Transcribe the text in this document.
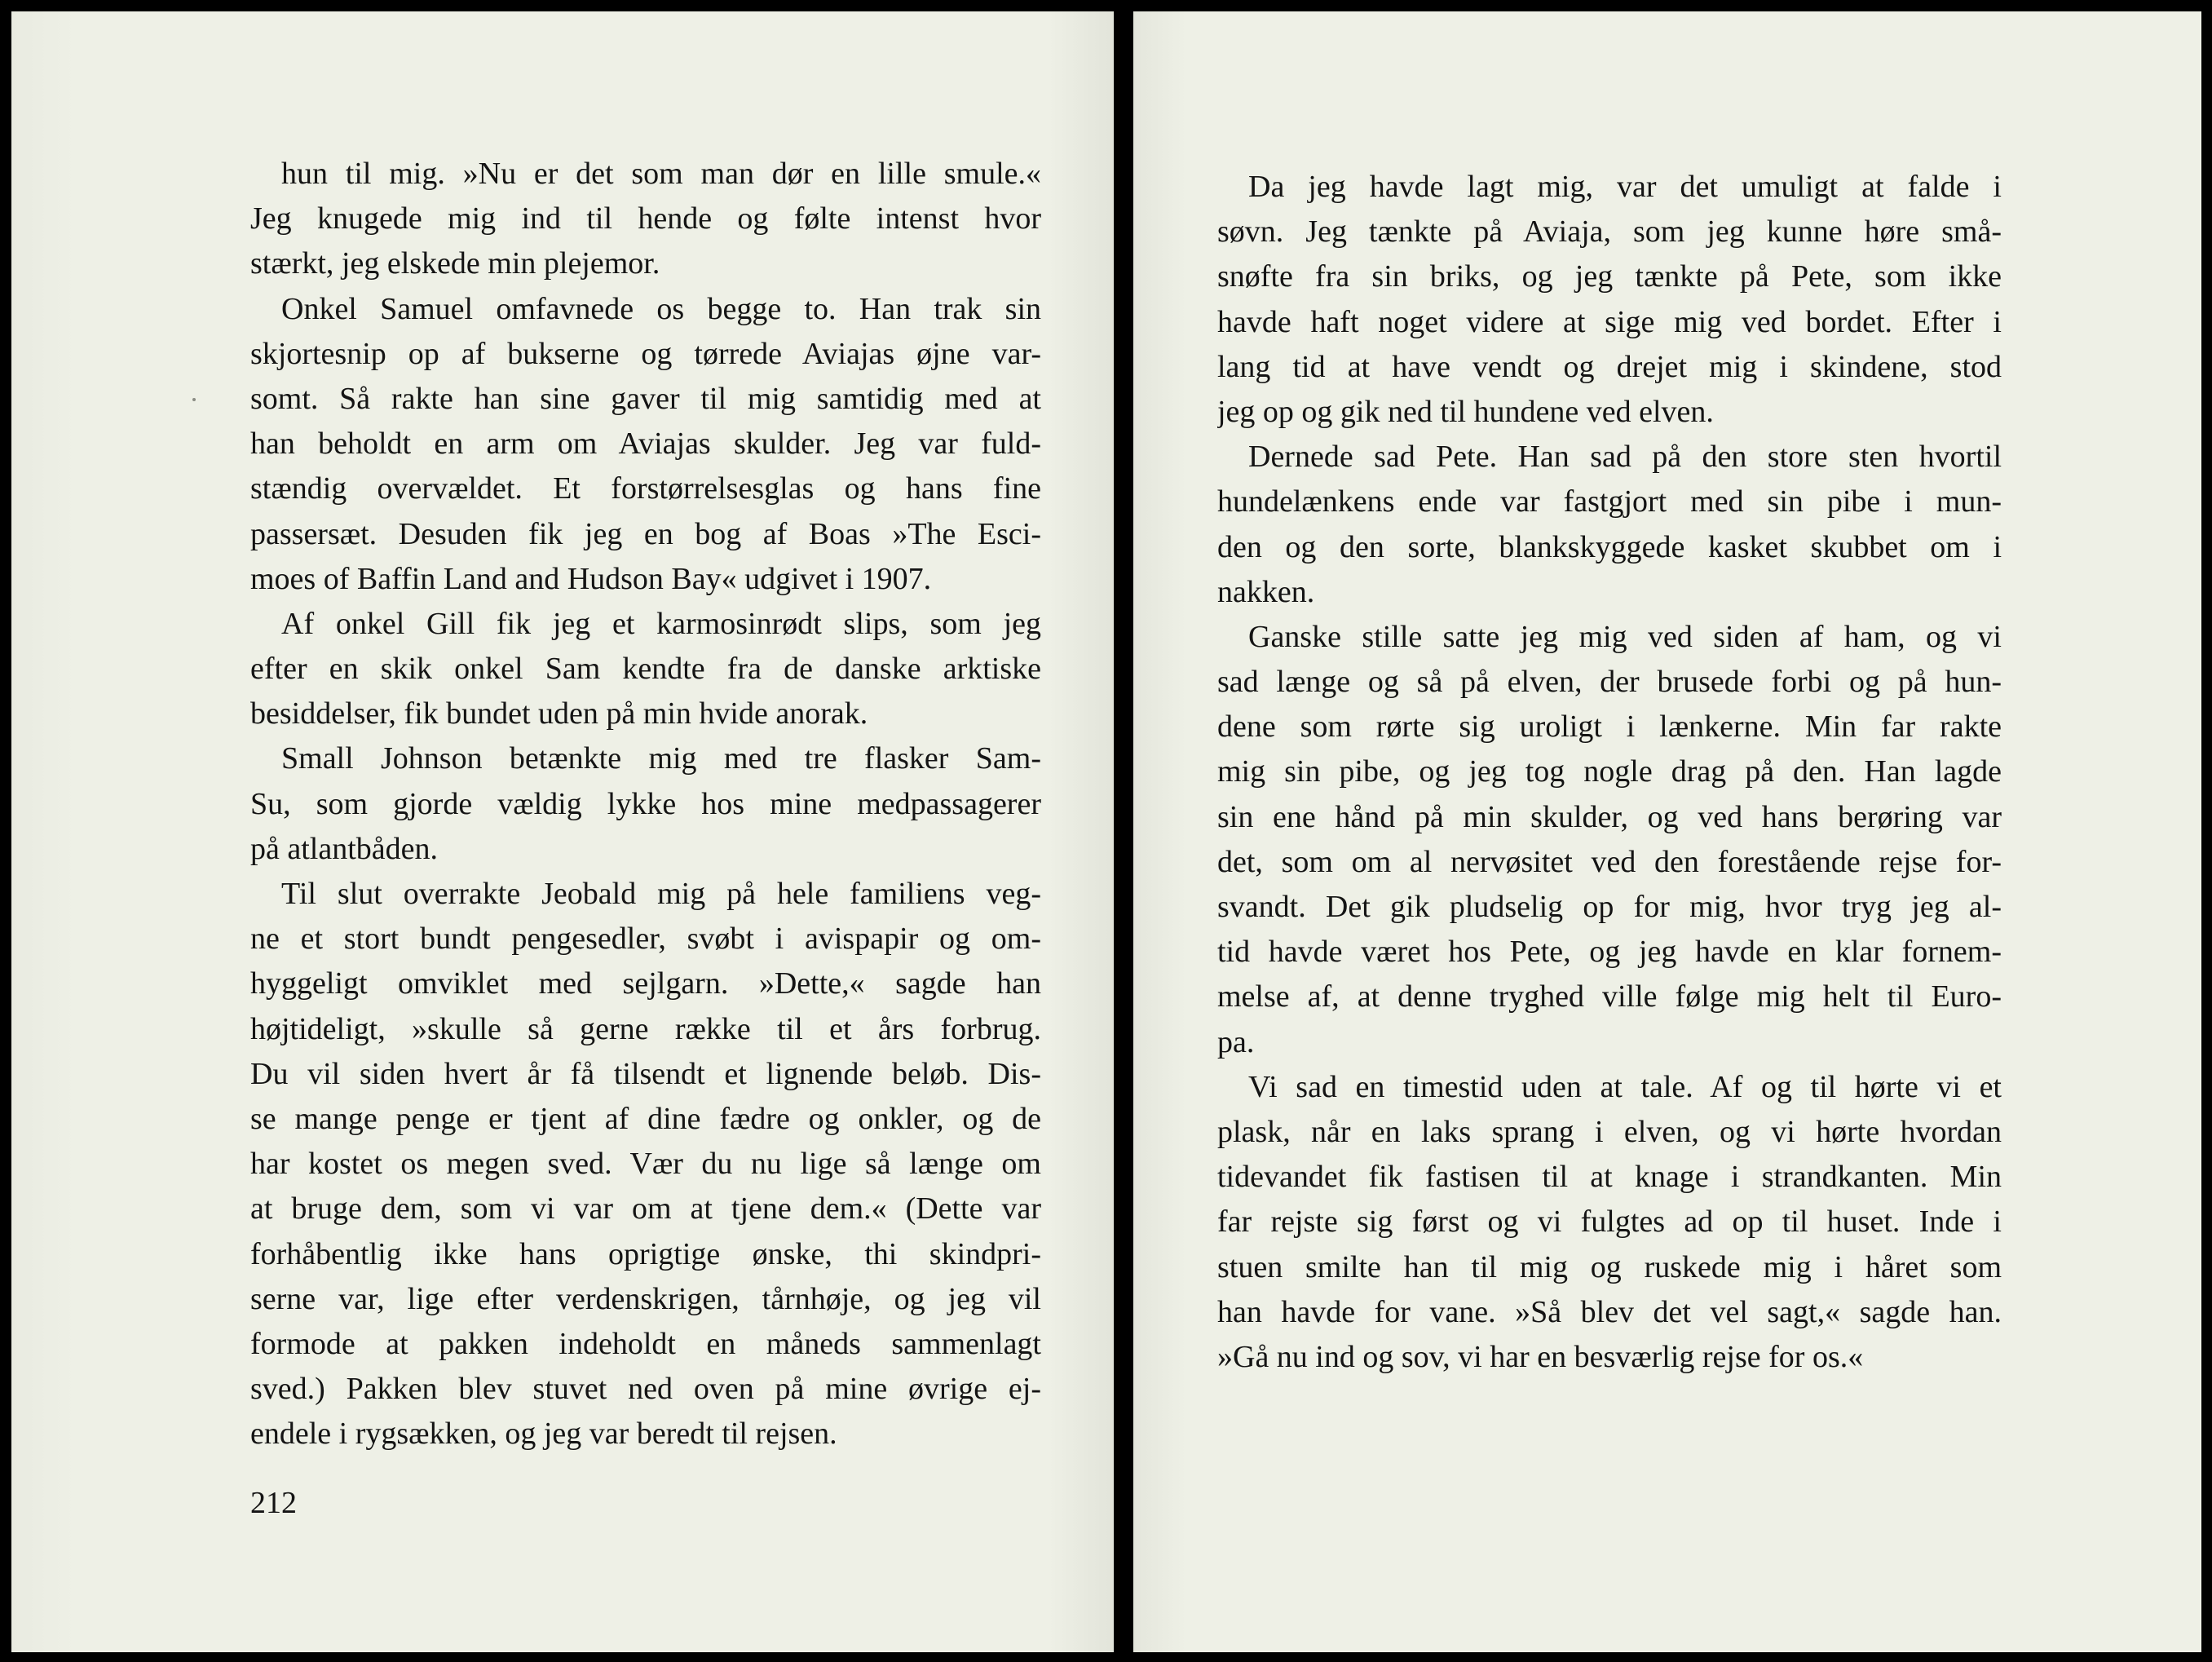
hun til mig. »Nu er det som man dør en lille smule.«
Jeg knugede mig ind til hende og følte intenst hvor
stærkt, jeg elskede min plejemor.
Onkel Samuel omfavnede os begge to. Han trak sin
skjortesnip op af bukserne og tørrede Aviajas øjne var-
somt. Så rakte han sine gaver til mig samtidig med at
han beholdt en arm om Aviajas skulder. Jeg var fuld-
stændig overvældet. Et forstørrelsesglas og hans fine
passersæt. Desuden fik jeg en bog af Boas »The Esci-
moes of Baffin Land and Hudson Bay« udgivet i 1907.
Af onkel Gill fik jeg et karmosinrødt slips, som jeg
efter en skik onkel Sam kendte fra de danske arktiske
besiddelser, fik bundet uden på min hvide anorak.
Small Johnson betænkte mig med tre flasker Sam-
Su, som gjorde vældig lykke hos mine medpassagerer
på atlantbåden.
Til slut overrakte Jeobald mig på hele familiens veg-
ne et stort bundt pengesedler, svøbt i avispapir og om-
hyggeligt omviklet med sejlgarn. »Dette,« sagde han
højtideligt, »skulle så gerne række til et års forbrug.
Du vil siden hvert år få tilsendt et lignende beløb. Dis-
se mange penge er tjent af dine fædre og onkler, og de
har kostet os megen sved. Vær du nu lige så længe om
at bruge dem, som vi var om at tjene dem.« (Dette var
forhåbentlig ikke hans oprigtige ønske, thi skindpri-
serne var, lige efter verdenskrigen, tårnhøje, og jeg vil
formode at pakken indeholdt en måneds sammenlagt
sved.) Pakken blev stuvet ned oven på mine øvrige ej-
endele i rygsækken, og jeg var beredt til rejsen.
212
Da jeg havde lagt mig, var det umuligt at falde i
søvn. Jeg tænkte på Aviaja, som jeg kunne høre små-
snøfte fra sin briks, og jeg tænkte på Pete, som ikke
havde haft noget videre at sige mig ved bordet. Efter i
lang tid at have vendt og drejet mig i skindene, stod
jeg op og gik ned til hundene ved elven.
Dernede sad Pete. Han sad på den store sten hvortil
hundelænkens ende var fastgjort med sin pibe i mun-
den og den sorte, blankskyggede kasket skubbet om i
nakken.
Ganske stille satte jeg mig ved siden af ham, og vi
sad længe og så på elven, der brusede forbi og på hun-
dene som rørte sig uroligt i lænkerne. Min far rakte
mig sin pibe, og jeg tog nogle drag på den. Han lagde
sin ene hånd på min skulder, og ved hans berøring var
det, som om al nervøsitet ved den forestående rejse for-
svandt. Det gik pludselig op for mig, hvor tryg jeg al-
tid havde været hos Pete, og jeg havde en klar fornem-
melse af, at denne tryghed ville følge mig helt til Euro-
pa.
Vi sad en timestid uden at tale. Af og til hørte vi et
plask, når en laks sprang i elven, og vi hørte hvordan
tidevandet fik fastisen til at knage i strandkanten. Min
far rejste sig først og vi fulgtes ad op til huset. Inde i
stuen smilte han til mig og ruskede mig i håret som
han havde for vane. »Så blev det vel sagt,« sagde han.
»Gå nu ind og sov, vi har en besværlig rejse for os.«
